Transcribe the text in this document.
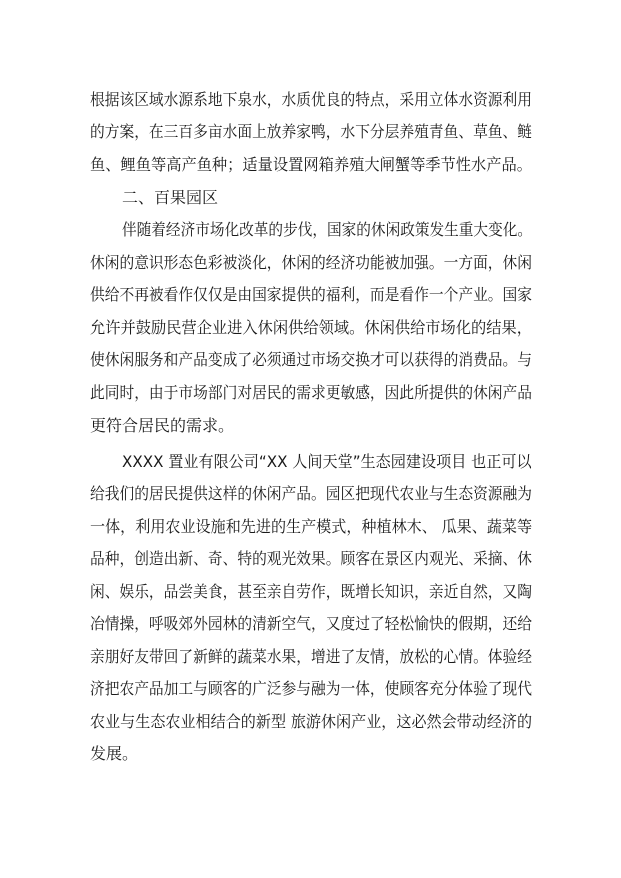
根据该区域水源系地下泉水，水质优良的特点，采用立体水资源利用
的方案，在三百多亩水面上放养家鸭，水下分层养殖青鱼、草鱼、鲢
鱼、鲤鱼等高产鱼种；适量设置网箱养殖大闸蟹等季节性水产品。
二、百果园区
伴随着经济市场化改革的步伐，国家的休闲政策发生重大变化。
休闲的意识形态色彩被淡化，休闲的经济功能被加强。一方面，休闲
供给不再被看作仅仅是由国家提供的福利，而是看作一个产业。国家
允许并鼓励民营企业进入休闲供给领域。休闲供给市场化的结果，
使休闲服务和产品变成了必须通过市场交换才可以获得的消费品。与
此同时，由于市场部门对居民的需求更敏感，因此所提供的休闲产品
更符合居民的需求。
XXXX 置业有限公司“XX 人间天堂”生态园建设项目 也正可以
给我们的居民提供这样的休闲产品。园区把现代农业与生态资源融为
一体，利用农业设施和先进的生产模式，种植林木、 瓜果、蔬菜等
品种，创造出新、奇、特的观光效果。顾客在景区内观光、采摘、休
闲、娱乐，品尝美食，甚至亲自劳作，既增长知识，亲近自然，又陶
冶情操，呼吸郊外园林的清新空气，又度过了轻松愉快的假期，还给
亲朋好友带回了新鲜的蔬菜水果，增进了友情，放松的心情。体验经
济把农产品加工与顾客的广泛参与融为一体，使顾客充分体验了现代
农业与生态农业相结合的新型 旅游休闲产业，这必然会带动经济的
发展。
